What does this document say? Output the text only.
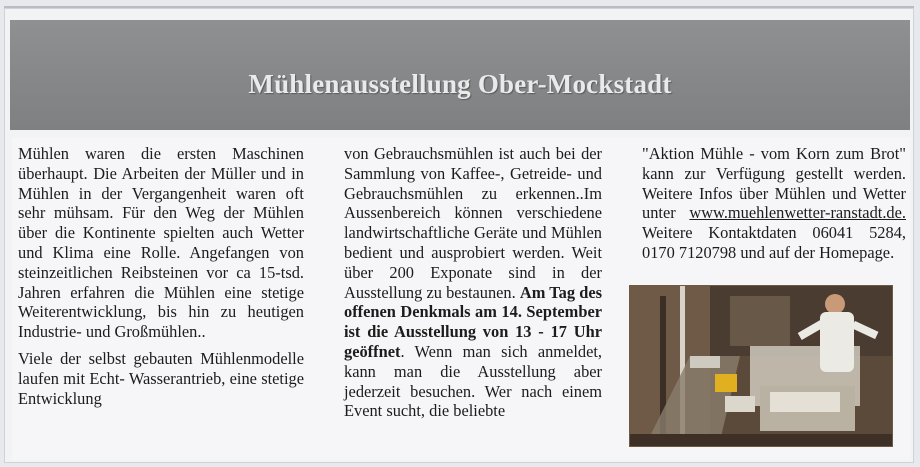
Mühlenausstellung Ober-Mockstadt

Mühlen waren die ersten Maschinen überhaupt. Die Arbeiten der Müller und in Mühlen in der Vergangenheit waren oft sehr mühsam. Für den Weg der Mühlen über die Kontinente spielten auch Wetter und Klima eine Rolle. Angefangen von steinzeitlichen Reibsteinen vor ca 15-tsd. Jahren erfahren die Mühlen eine stetige Weiterentwicklung, bis hin zu heutigen Industrie- und Großmühlen..

Viele der selbst gebauten Mühlenmodelle laufen mit Echt- Wasserantrieb, eine stetige Entwicklung

von Gebrauchsmühlen ist auch bei der Sammlung von Kaffee-, Getreide- und Gebrauchsmühlen zu erkennen..Im Aussenbereich können verschiedene landwirtschaftliche Geräte und Mühlen bedient und ausprobiert werden. Weit über 200 Exponate sind in der Ausstellung zu bestaunen. Am Tag des offenen Denkmals am 14. September ist die Ausstellung von 13 - 17 Uhr geöffnet. Wenn man sich anmeldet, kann man die Ausstellung aber jederzeit besuchen. Wer nach einem Event sucht, die beliebte

"Aktion Mühle - vom Korn zum Brot" kann zur Verfügung gestellt werden. Weitere Infos über Mühlen und Wetter unter www.muehlenwetter-ranstadt.de. Weitere Kontaktdaten 06041 5284, 0170 7120798 und auf der Homepage.
